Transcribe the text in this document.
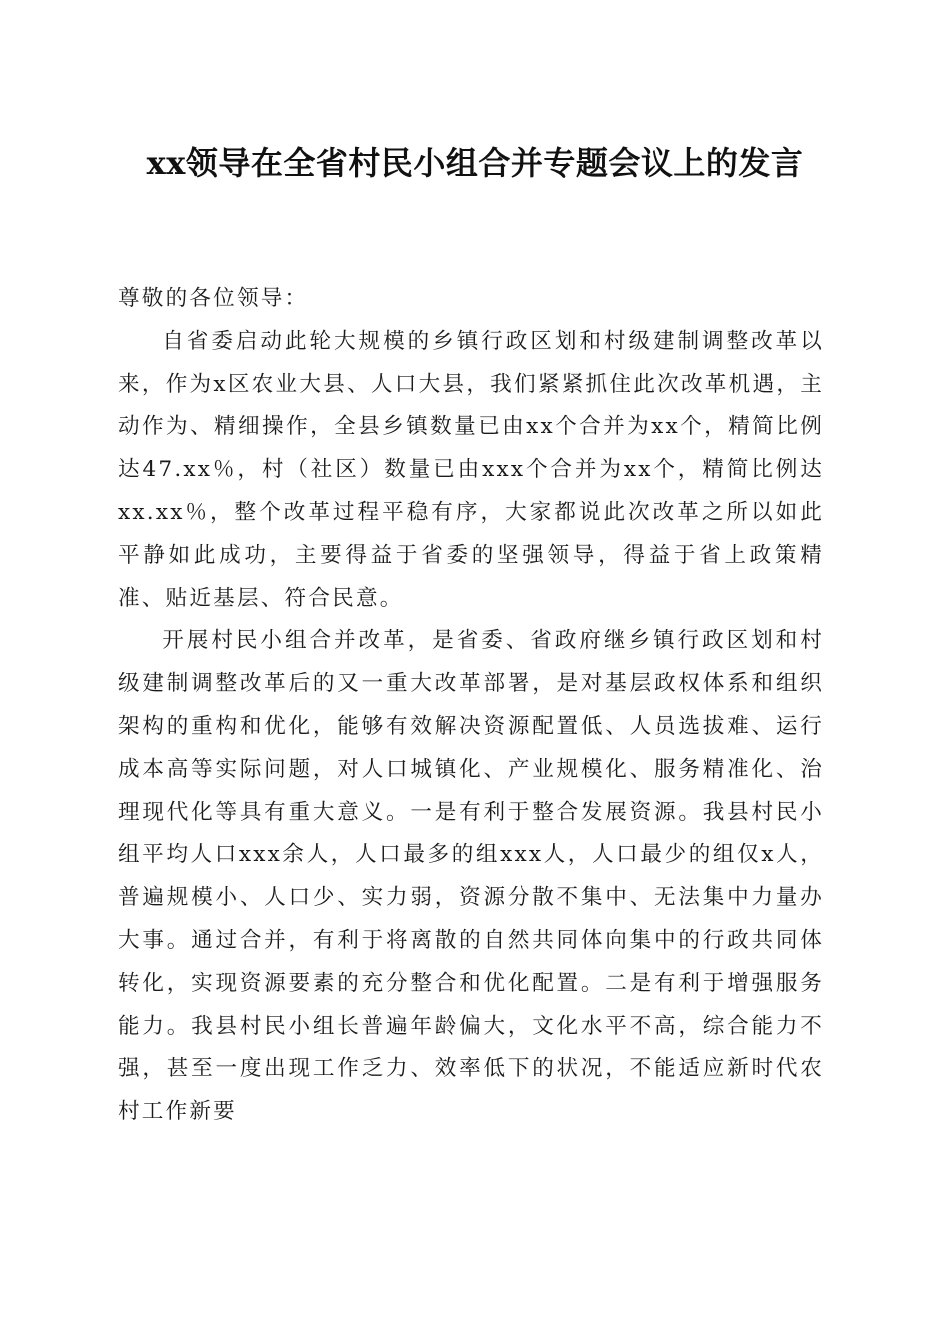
xx领导在全省村民小组合并专题会议上的发言

尊敬的各位领导：

自省委启动此轮大规模的乡镇行政区划和村级建制调整改革以来，作为x区农业大县、人口大县，我们紧紧抓住此次改革机遇，主动作为、精细操作，全县乡镇数量已由xx个合并为xx个，精简比例达47.xx％，村（社区）数量已由xxx个合并为xx个，精简比例达xx.xx％，整个改革过程平稳有序，大家都说此次改革之所以如此平静如此成功，主要得益于省委的坚强领导，得益于省上政策精准、贴近基层、符合民意。

开展村民小组合并改革，是省委、省政府继乡镇行政区划和村级建制调整改革后的又一重大改革部署，是对基层政权体系和组织架构的重构和优化，能够有效解决资源配置低、人员选拔难、运行成本高等实际问题，对人口城镇化、产业规模化、服务精准化、治理现代化等具有重大意义。一是有利于整合发展资源。我县村民小组平均人口xxx余人，人口最多的组xxx人，人口最少的组仅x人，普遍规模小、人口少、实力弱，资源分散不集中、无法集中力量办大事。通过合并，有利于将离散的自然共同体向集中的行政共同体转化，实现资源要素的充分整合和优化配置。二是有利于增强服务能力。我县村民小组长普遍年龄偏大，文化水平不高，综合能力不强，甚至一度出现工作乏力、效率低下的状况，不能适应新时代农村工作新要
